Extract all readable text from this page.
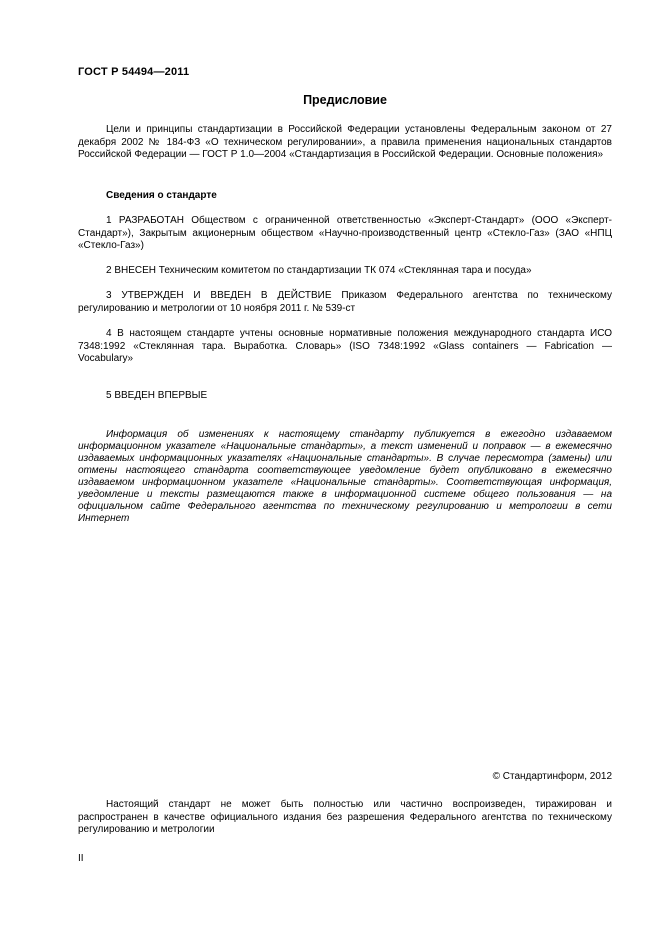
ГОСТ Р 54494—2011
Предисловие
Цели и принципы стандартизации в Российской Федерации установлены Федеральным законом от 27 декабря 2002 № 184-ФЗ «О техническом регулировании», а правила применения национальных стандартов Российской Федерации — ГОСТ Р 1.0—2004 «Стандартизация в Российской Федерации. Основные положения»
Сведения о стандарте
1 РАЗРАБОТАН Обществом с ограниченной ответственностью «Эксперт-Стандарт» (ООО «Эксперт-Стандарт»), Закрытым акционерным обществом «Научно-производственный центр «Стекло-Газ» (ЗАО «НПЦ «Стекло-Газ»)
2 ВНЕСЕН Техническим комитетом по стандартизации ТК 074 «Стеклянная тара и посуда»
3 УТВЕРЖДЕН И ВВЕДЕН В ДЕЙСТВИЕ Приказом Федерального агентства по техническому регулированию и метрологии от 10 ноября 2011 г. № 539-ст
4 В настоящем стандарте учтены основные нормативные положения международного стандарта ИСО 7348:1992 «Стеклянная тара. Выработка. Словарь» (ISO 7348:1992 «Glass containers — Fabrication — Vocabulary»
5 ВВЕДЕН ВПЕРВЫЕ
Информация об изменениях к настоящему стандарту публикуется в ежегодно издаваемом информационном указателе «Национальные стандарты», а текст изменений и поправок — в ежемесячно издаваемых информационных указателях «Национальные стандарты». В случае пересмотра (замены) или отмены настоящего стандарта соответствующее уведомление будет опубликовано в ежемесячно издаваемом информационном указателе «Национальные стандарты». Соответствующая информация, уведомление и тексты размещаются также в информационной системе общего пользования — на официальном сайте Федерального агентства по техническому регулированию и метрологии в сети Интернет
© Стандартинформ, 2012
Настоящий стандарт не может быть полностью или частично воспроизведен, тиражирован и распространен в качестве официального издания без разрешения Федерального агентства по техническому регулированию и метрологии
II
